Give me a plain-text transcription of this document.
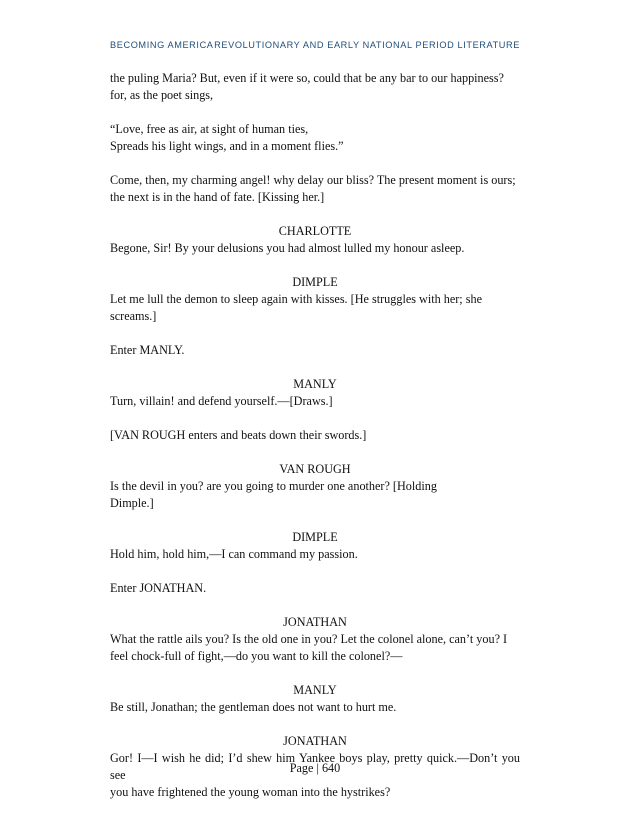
BECOMING AMERICA REVOLUTIONARY AND EARLY NATIONAL PERIOD LITERATURE
the puling Maria? But, even if it were so, could that be any bar to our happiness?
for, as the poet sings,
“Love, free as air, at sight of human ties,
Spreads his light wings, and in a moment flies.”
Come, then, my charming angel! why delay our bliss? The present moment is ours;
the next is in the hand of fate. [Kissing her.]
CHARLOTTE
Begone, Sir! By your delusions you had almost lulled my honour asleep.
DIMPLE
Let me lull the demon to sleep again with kisses. [He struggles with her; she
screams.]
Enter MANLY.
MANLY
Turn, villain! and defend yourself.—[Draws.]
[VAN ROUGH enters and beats down their swords.]
VAN ROUGH
Is the devil in you? are you going to murder one another? [Holding
Dimple.]
DIMPLE
Hold him, hold him,—I can command my passion.
Enter JONATHAN.
JONATHAN
What the rattle ails you? Is the old one in you? Let the colonel alone, can’t you? I
feel chock-full of fight,—do you want to kill the colonel?—
MANLY
Be still, Jonathan; the gentleman does not want to hurt me.
JONATHAN
Gor! I—I wish he did; I’d shew him Yankee boys play, pretty quick.—Don’t you see
you have frightened the young woman into the hystrikes?
Page | 640
